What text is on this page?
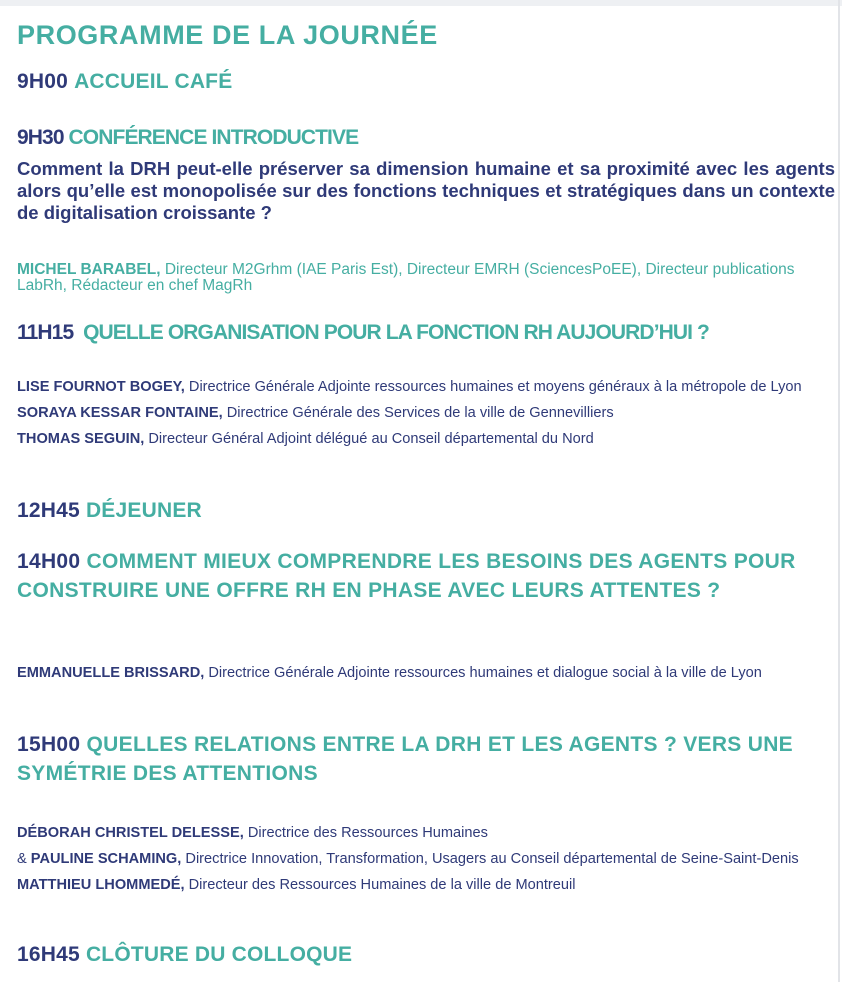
PROGRAMME DE LA JOURNÉE
9H00 ACCUEIL CAFÉ
9H30 CONFÉRENCE INTRODUCTIVE
Comment la DRH peut-elle préserver sa dimension humaine et sa proximité avec les agents alors qu’elle est monopolisée sur des fonctions techniques et stratégiques dans un contexte de digitalisation croissante ?
MICHEL BARABEL, Directeur M2Grhm (IAE Paris Est), Directeur EMRH (SciencesPoEE), Directeur publications LabRh, Rédacteur en chef MagRh
11H15 QUELLE ORGANISATION POUR LA FONCTION RH AUJOURD’HUI ?
LISE FOURNOT BOGEY, Directrice Générale Adjointe ressources humaines et moyens généraux à la métropole de Lyon SORAYA KESSAR FONTAINE, Directrice Générale des Services de la ville de Gennevilliers
THOMAS SEGUIN, Directeur Général Adjoint délégué au Conseil départemental du Nord
12H45 DÉJEUNER
14H00 COMMENT MIEUX COMPRENDRE LES BESOINS DES AGENTS POUR CONSTRUIRE UNE OFFRE RH EN PHASE AVEC LEURS ATTENTES ?
EMMANUELLE BRISSARD, Directrice Générale Adjointe ressources humaines et dialogue social à la ville de Lyon
15H00 QUELLES RELATIONS ENTRE LA DRH ET LES AGENTS ? VERS UNE SYMÉTRIE DES ATTENTIONS
DÉBORAH CHRISTEL DELESSE, Directrice des Ressources Humaines
& PAULINE SCHAMING, Directrice Innovation, Transformation, Usagers au Conseil départemental de Seine-Saint-Denis
MATTHIEU LHOMMEDÉ, Directeur des Ressources Humaines de la ville de Montreuil
16H45 CLÔTURE DU COLLOQUE
